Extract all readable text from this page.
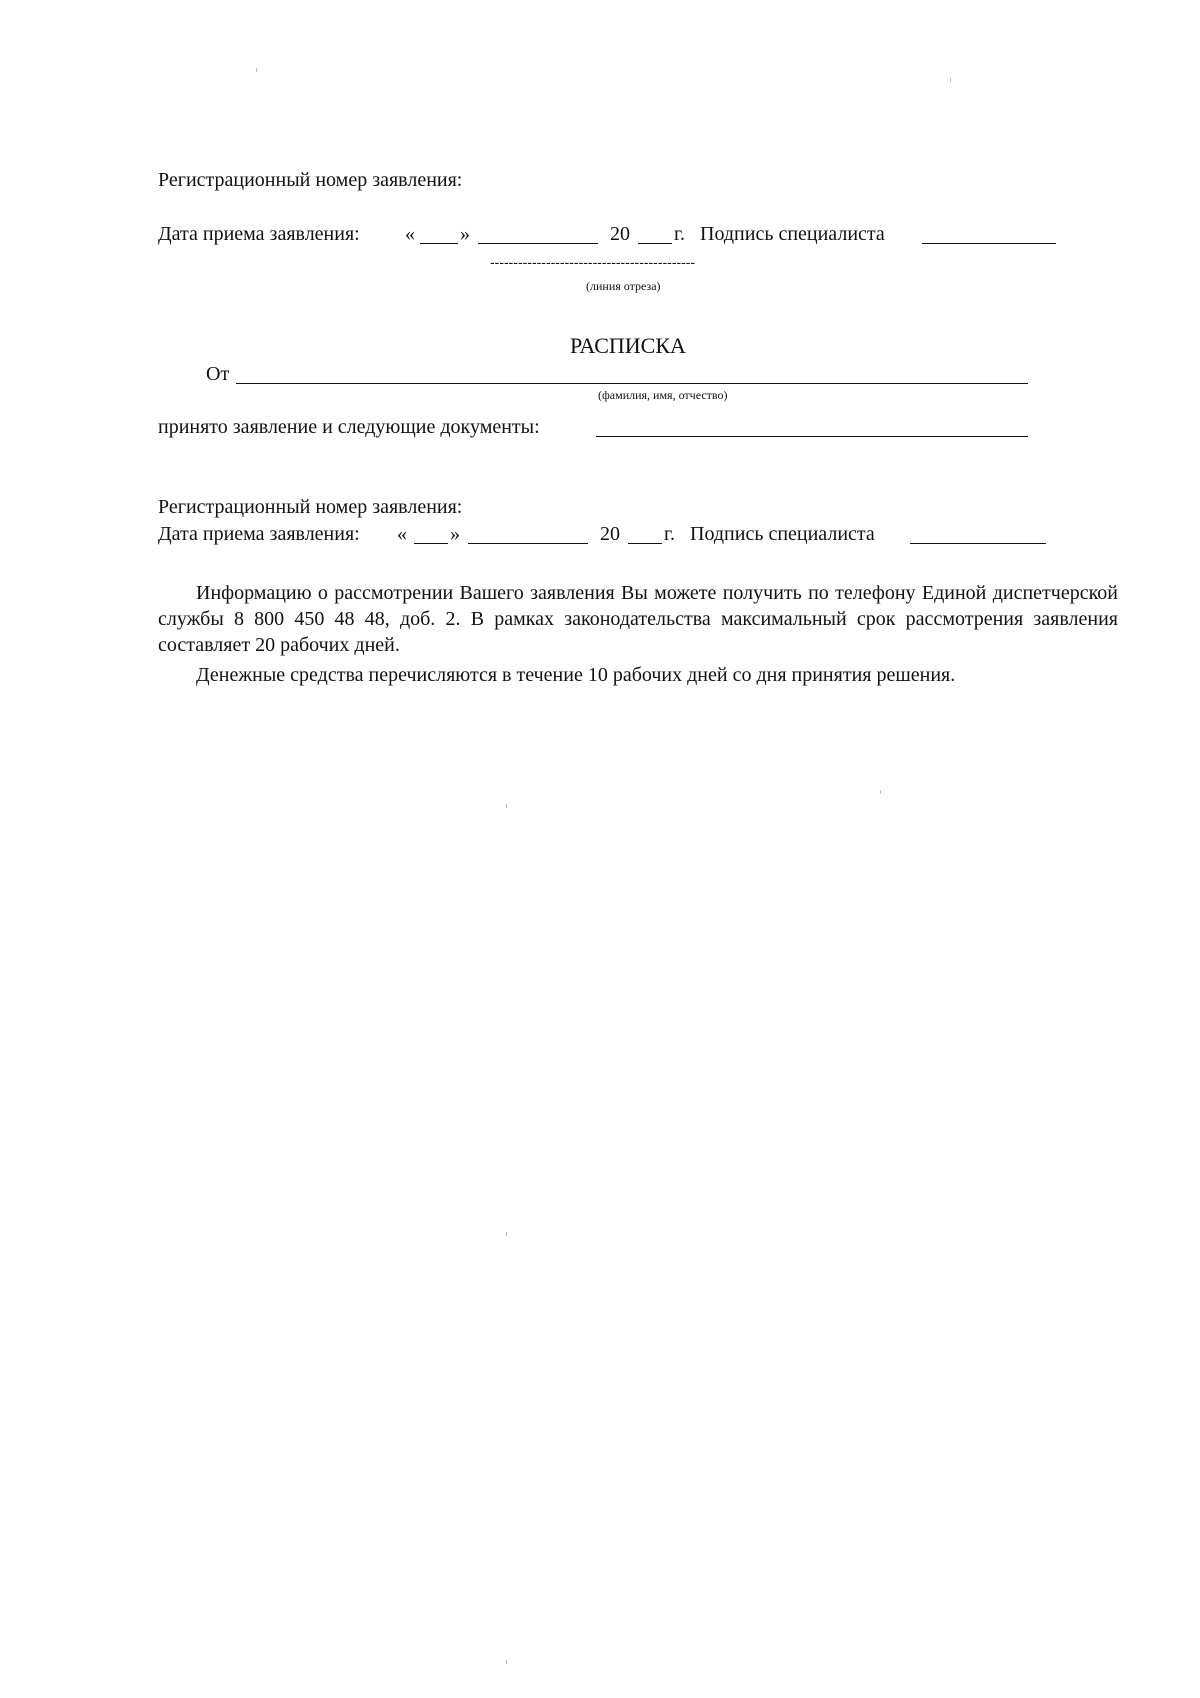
Регистрационный номер заявления:
Дата приема заявления: « »	20 г. Подпись специалиста
--------------------------------------------
(линия отреза)
РАСПИСКА
От
(фамилия, имя, отчество)
принято заявление и следующие документы:
Регистрационный номер заявления:
Дата приема заявления: « »	20 г. Подпись специалиста
Информацию о рассмотрении Вашего заявления Вы можете получить по телефону Единой диспетчерской службы 8 800 450 48 48, доб. 2. В рамках законодательства максимальный срок рассмотрения заявления составляет 20 рабочих дней.
Денежные средства перечисляются в течение 10 рабочих дней со дня принятия решения.
